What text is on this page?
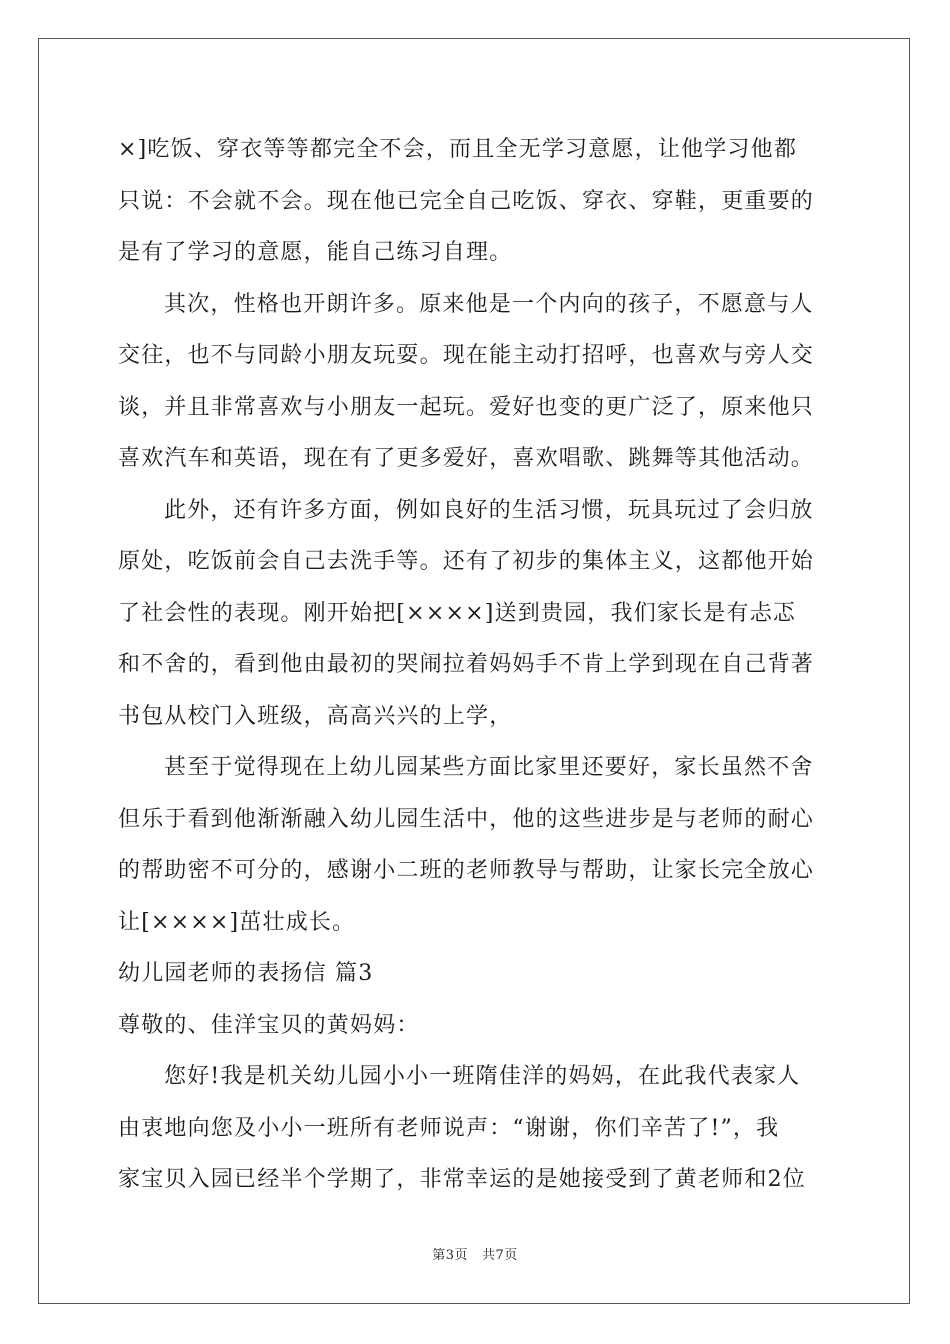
×]吃饭、穿衣等等都完全不会，而且全无学习意愿，让他学习他都
只说：不会就不会。现在他已完全自己吃饭、穿衣、穿鞋，更重要的
是有了学习的意愿，能自己练习自理。
其次，性格也开朗许多。原来他是一个内向的孩子，不愿意与人
交往，也不与同龄小朋友玩耍。现在能主动打招呼，也喜欢与旁人交
谈，并且非常喜欢与小朋友一起玩。爱好也变的更广泛了，原来他只
喜欢汽车和英语，现在有了更多爱好，喜欢唱歌、跳舞等其他活动。
此外，还有许多方面，例如良好的生活习惯，玩具玩过了会归放
原处，吃饭前会自己去洗手等。还有了初步的集体主义，这都他开始
了社会性的表现。刚开始把[××××]送到贵园，我们家长是有忐忑
和不舍的，看到他由最初的哭闹拉着妈妈手不肯上学到现在自己背著
书包从校门入班级，高高兴兴的上学，
甚至于觉得现在上幼儿园某些方面比家里还要好，家长虽然不舍
但乐于看到他渐渐融入幼儿园生活中，他的这些进步是与老师的耐心
的帮助密不可分的，感谢小二班的老师教导与帮助，让家长完全放心
让[××××]茁壮成长。
幼儿园老师的表扬信 篇3
尊敬的、佳洋宝贝的黄妈妈：
您好!我是机关幼儿园小小一班隋佳洋的妈妈，在此我代表家人
由衷地向您及小小一班所有老师说声：“谢谢，你们辛苦了!”，我
家宝贝入园已经半个学期了，非常幸运的是她接受到了黄老师和2位
第3页 共7页
